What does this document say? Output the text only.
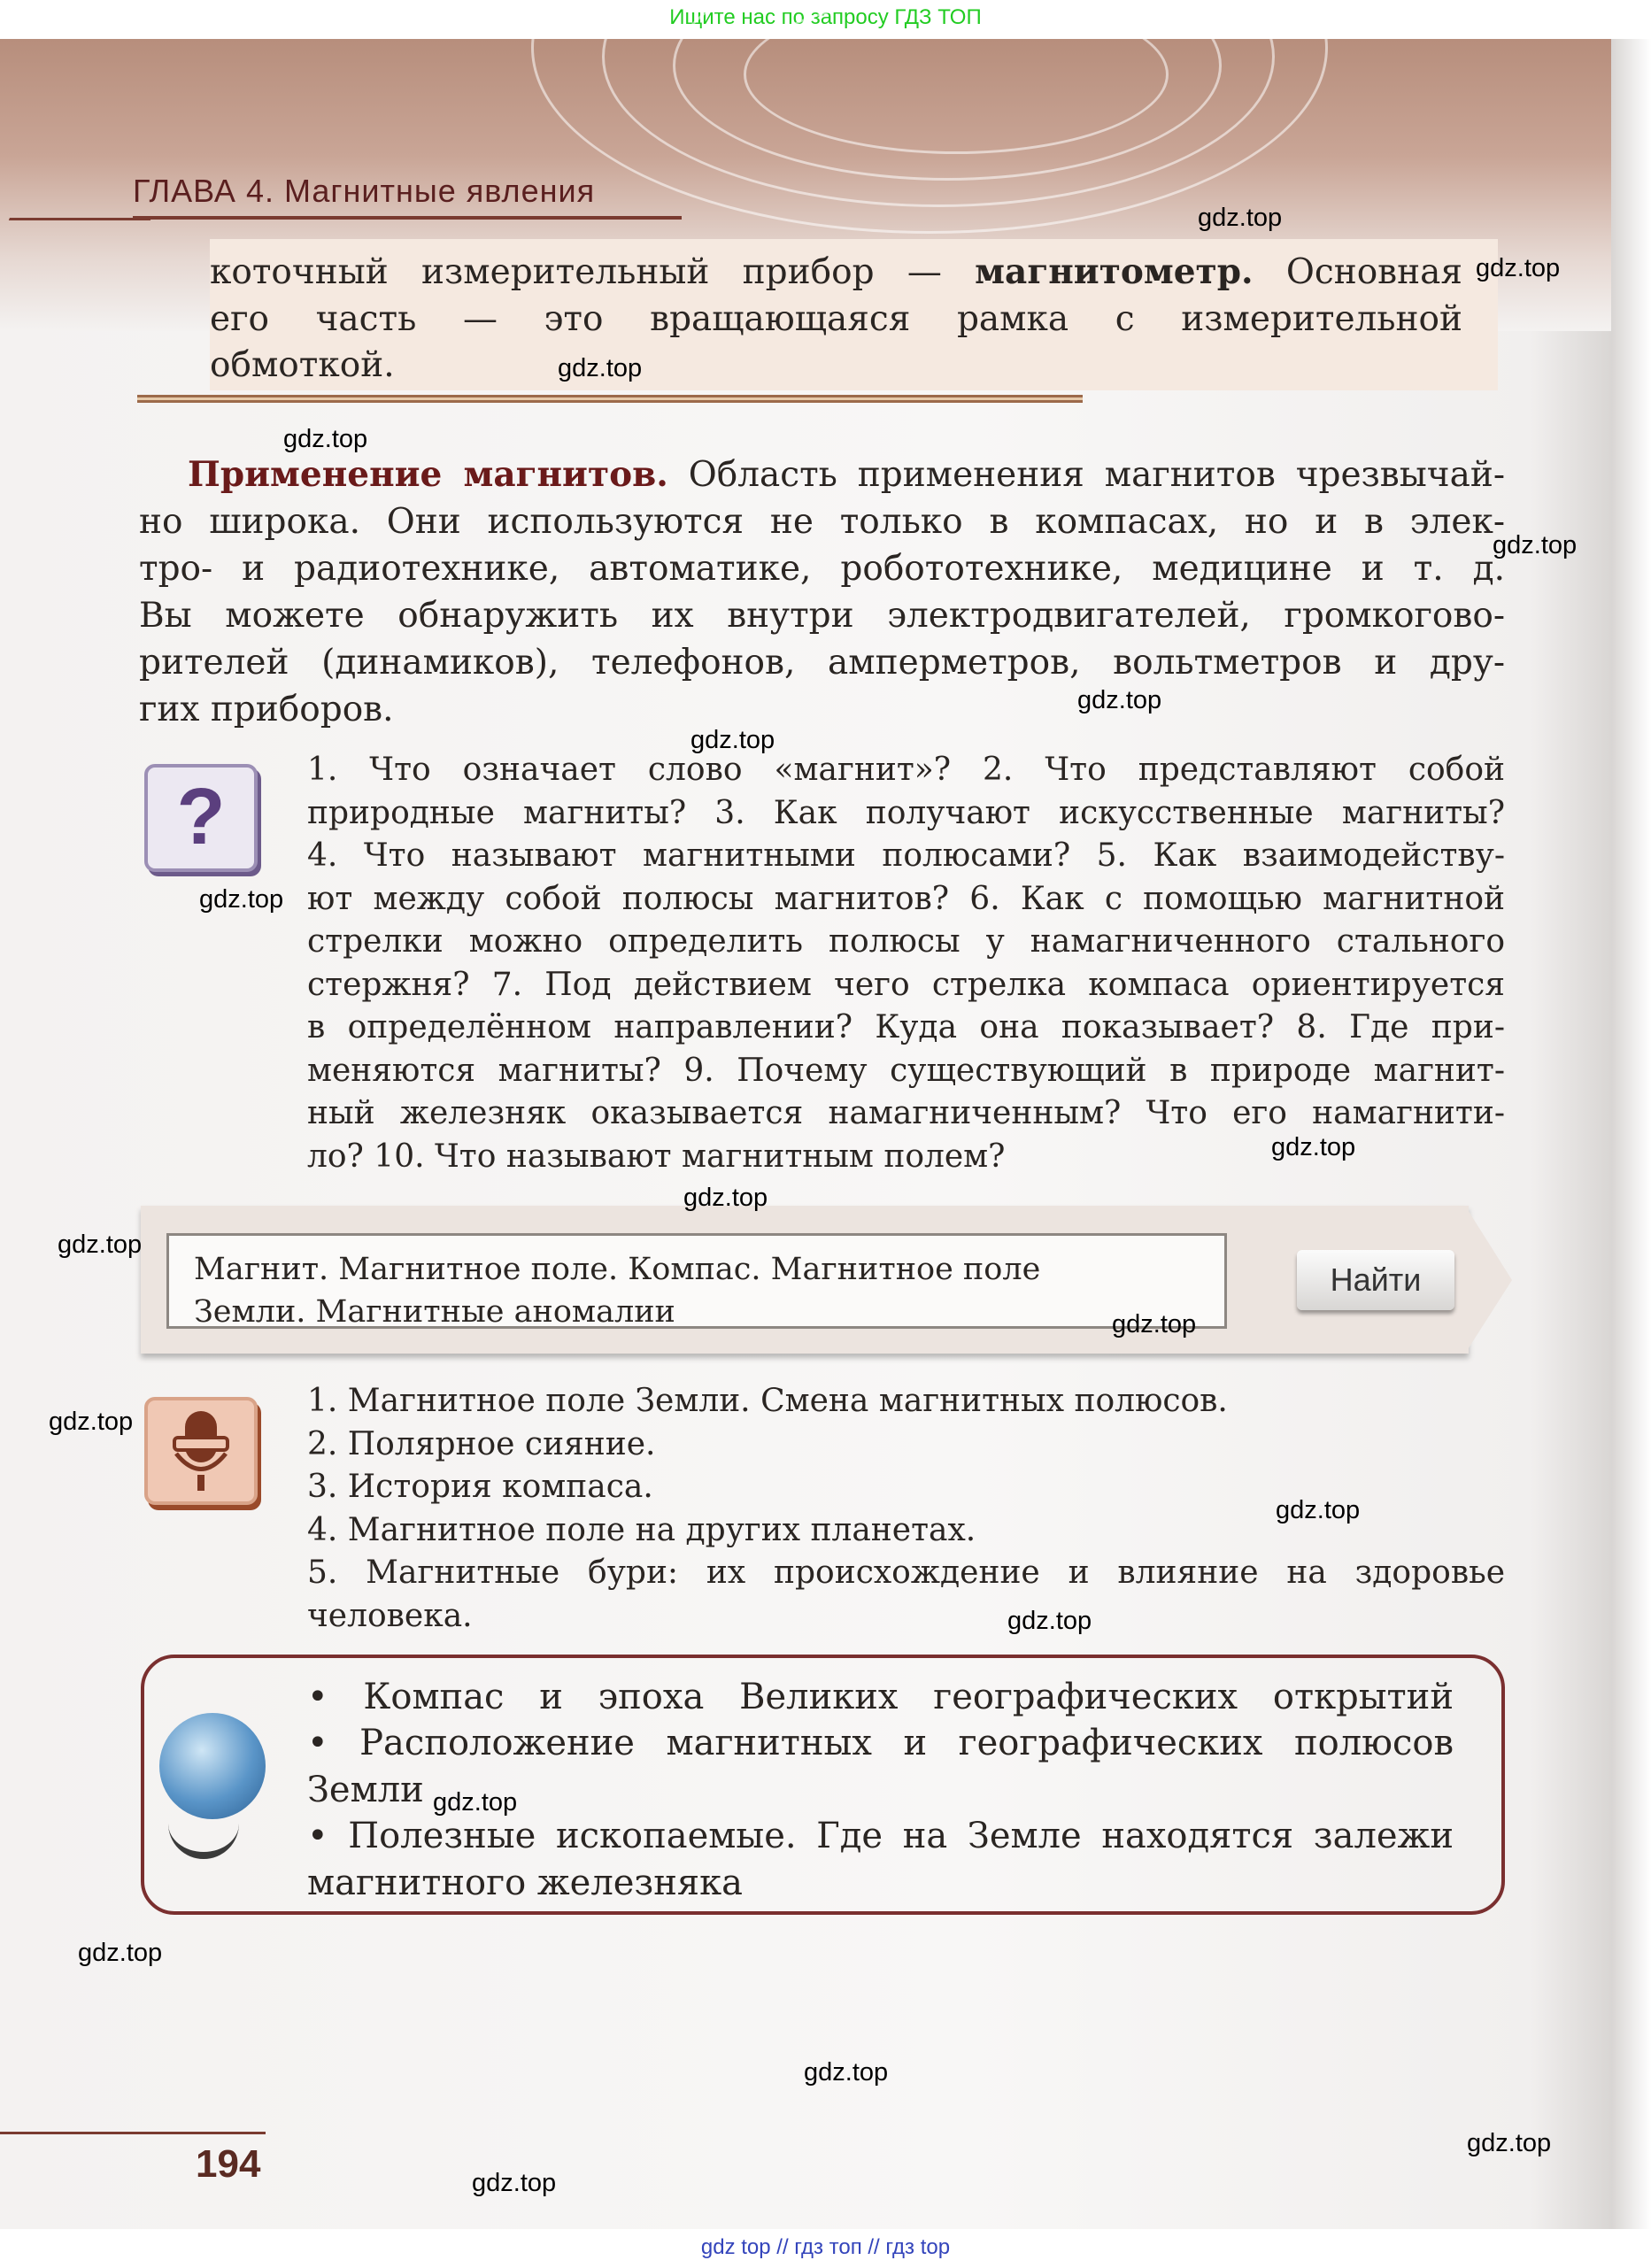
Ищите нас по запросу ГДЗ ТОП
ГЛАВА 4. Магнитные явления
коточный измерительный прибор — магнитометр. Основная
его часть — это вращающаяся рамка с измерительной
обмоткой.
Применение магнитов. Область применения магнитов чрезвычай-
но широка. Они используются не только в компасах, но и в элек-
тро- и радиотехнике, автоматике, робототехнике, медицине и т. д.
Вы можете обнаружить их внутри электродвигателей, громкогово-
рителей (динамиков), телефонов, амперметров, вольтметров и дру-
гих приборов.
?
1. Что означает слово «магнит»? 2. Что представляют собой
природные магниты? 3. Как получают искусственные магниты?
4. Что называют магнитными полюсами? 5. Как взаимодейству-
ют между собой полюсы магнитов? 6. Как с помощью магнитной
стрелки можно определить полюсы у намагниченного стального
стержня? 7. Под действием чего стрелка компаса ориентируется
в определённом направлении? Куда она показывает? 8. Где при-
меняются магниты? 9. Почему существующий в природе магнит-
ный железняк оказывается намагниченным? Что его намагнити-
ло? 10. Что называют магнитным полем?
Магнит. Магнитное поле. Компас. Магнитное поле
Земли. Магнитные аномалии
Найти
1. Магнитное поле Земли. Смена магнитных полюсов.
2. Полярное сияние.
3. История компаса.
4. Магнитное поле на других планетах.
5. Магнитные бури: их происхождение и влияние на здоровье
человека.
• Компас и эпоха Великих географических открытий
• Расположение магнитных и географических полюсов
Земли
• Полезные ископаемые. Где на Земле находятся залежи
магнитного железняка
194
gdz top // гдз топ // гдз top
gdz.top
gdz.top
gdz.top
gdz.top
gdz.top
gdz.top
gdz.top
gdz.top
gdz.top
gdz.top
gdz.top
gdz.top
gdz.top
gdz.top
gdz.top
gdz.top
gdz.top
gdz.top
gdz.top
gdz.top
